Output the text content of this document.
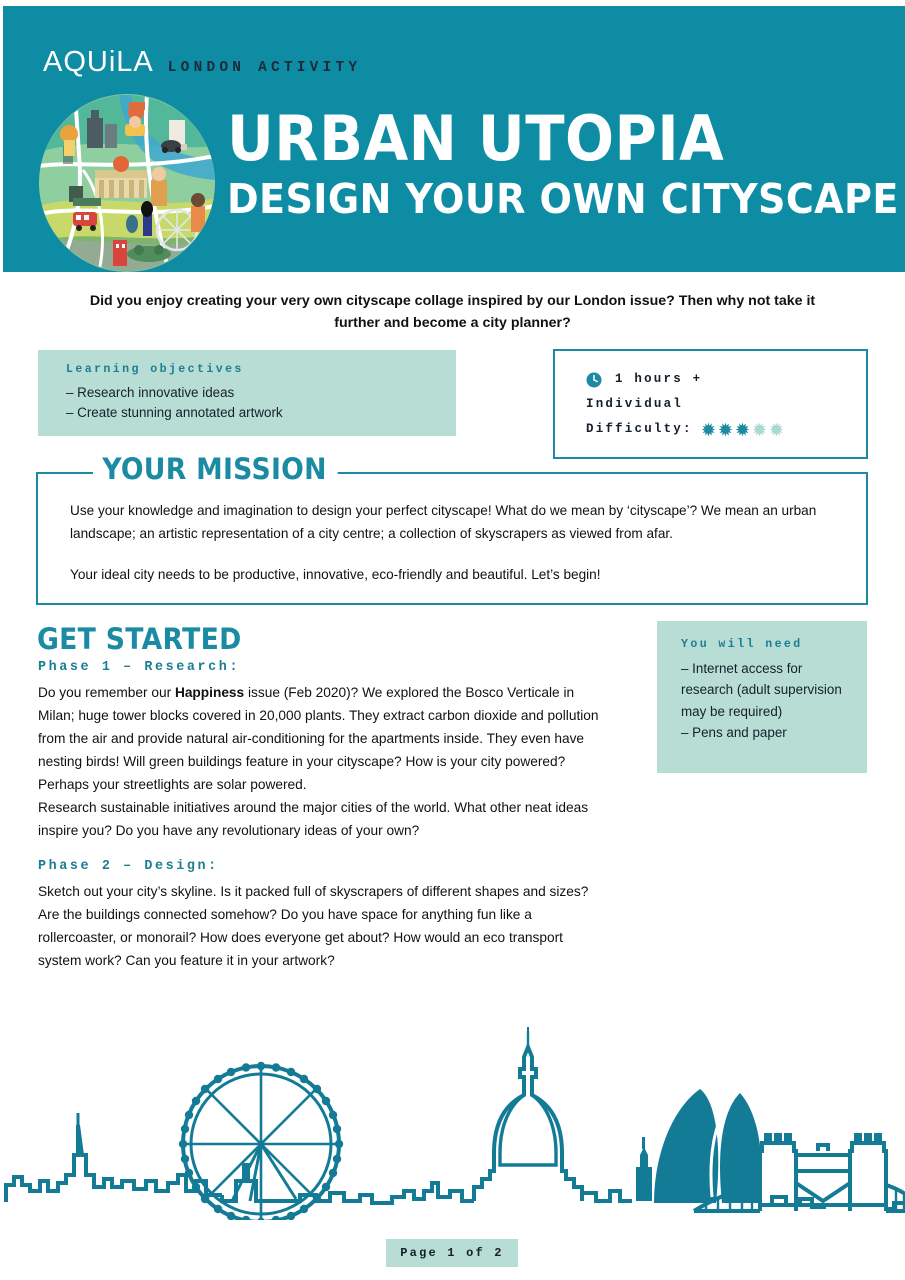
AQUiLA LONDON ACTIVITY
URBAN UTOPIA
DESIGN YOUR OWN CITYSCAPE
Did you enjoy creating your very own cityscape collage inspired by our London issue? Then why not take it further and become a city planner?
Learning objectives
– Research innovative ideas
– Create stunning annotated artwork
1 hours +
Individual
Difficulty:
YOUR MISSION

Use your knowledge and imagination to design your perfect cityscape! What do we mean by ‘cityscape’? We mean an urban landscape; an artistic representation of a city centre; a collection of skyscrapers as viewed from afar.

Your ideal city needs to be productive, innovative, eco-friendly and beautiful. Let’s begin!

GET STARTED
Phase 1 – Research:

Do you remember our Happiness issue (Feb 2020)? We explored the Bosco Verticale in Milan; huge tower blocks covered in 20,000 plants. They extract carbon dioxide and pollution from the air and provide natural air-conditioning for the apartments inside. They even have nesting birds! Will green buildings feature in your cityscape? How is your city powered? Perhaps your streetlights are solar powered.

Research sustainable initiatives around the major cities of the world. What other neat ideas inspire you? Do you have any revolutionary ideas of your own?

Phase 2 – Design:

Sketch out your city’s skyline. Is it packed full of skyscrapers of different shapes and sizes? Are the buildings connected somehow? Do you have space for anything fun like a rollercoaster, or monorail? How does everyone get about? How would an eco transport system work? Can you feature it in your artwork?

You will need
– Internet access for research (adult supervision may be required)
– Pens and paper
Page 1 of 2
